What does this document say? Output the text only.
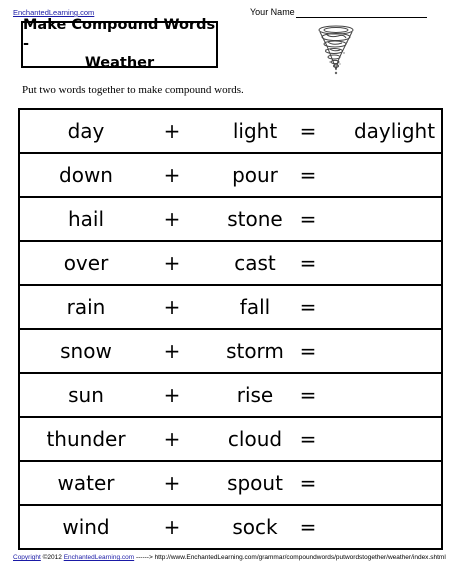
EnchantedLearning.com	Your Name
Make Compound Words -
Weather
Put two words together to make compound words.
day	+	light	=	daylight
down	+	pour	=
hail	+	stone =
over	+	cast	=
rain	+	fall	=
snow	+	storm =
sun	+	rise	=
thunder	+	cloud =
water	+	spout =
wind	+	sock	=
Copyright ©2012 EnchantedLearning.com ------> http://www.EnchantedLearning.com/grammar/compoundwords/putwordstogether/weather/index.shtml
